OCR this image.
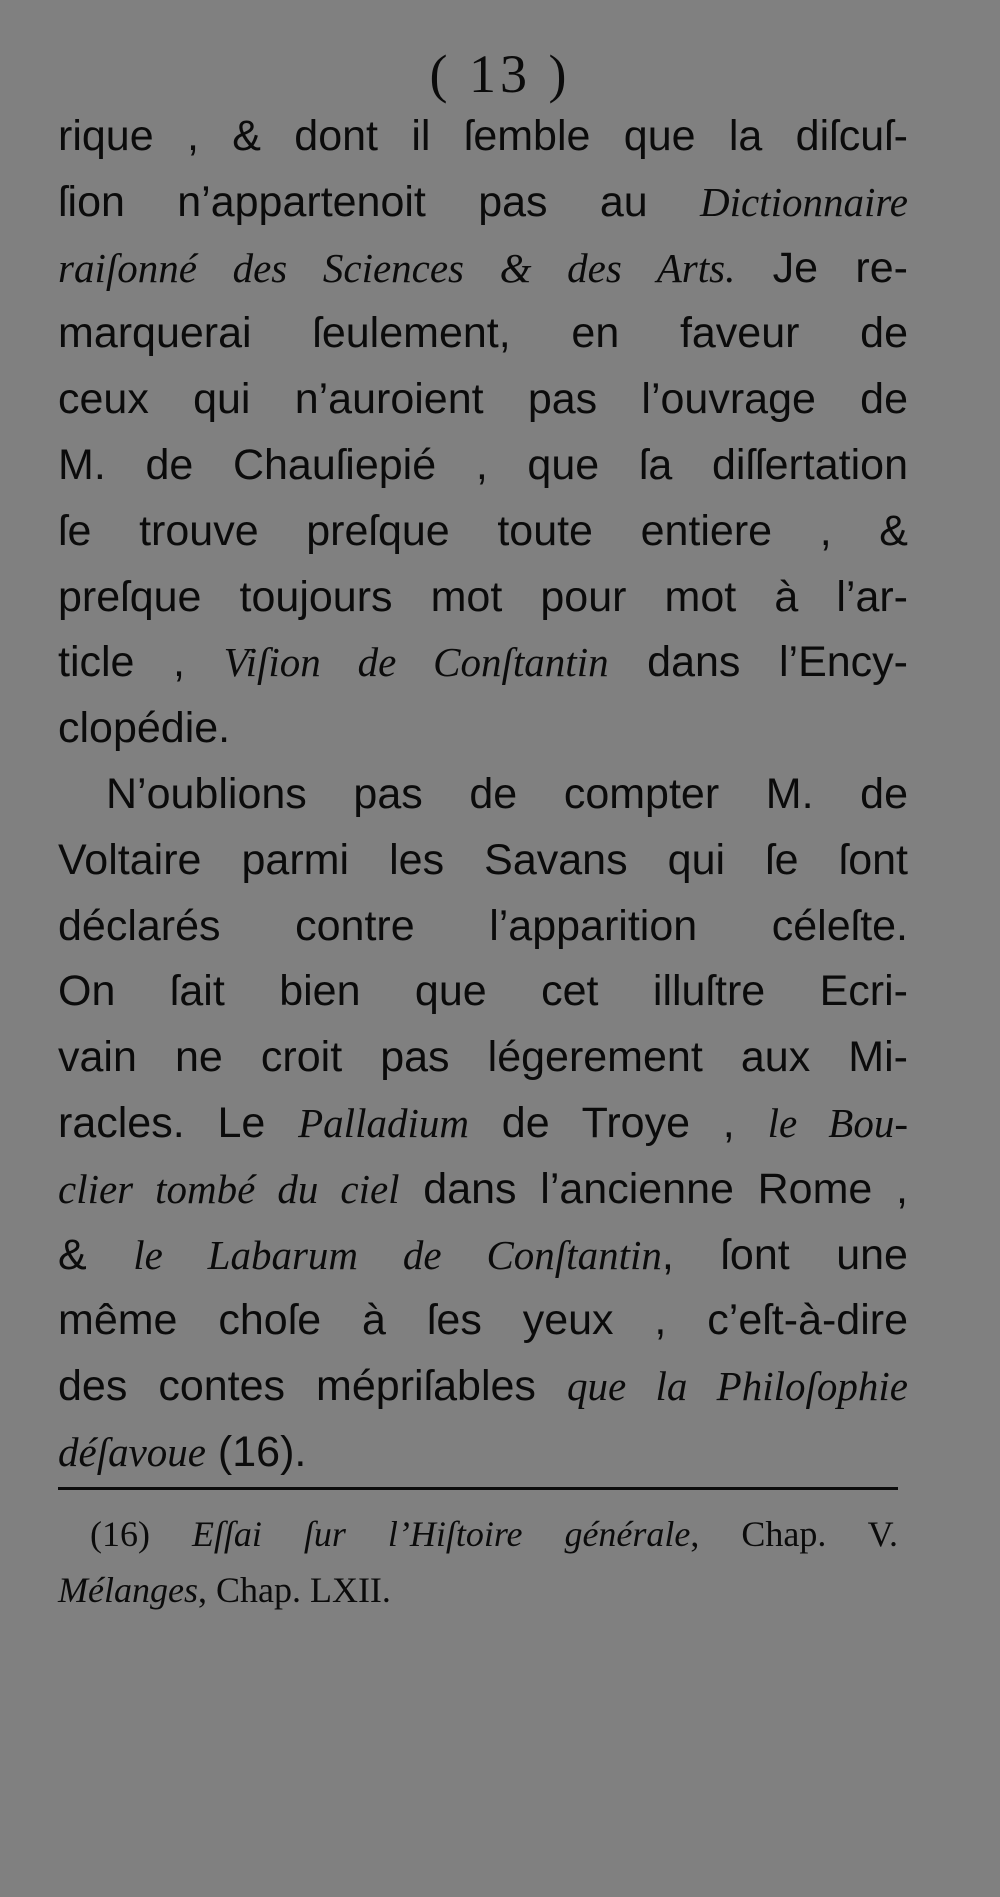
( 13 )
rique , & dont il ſemble que la diſcuſ-
ſion n’appartenoit pas au Dictionnaire
raiſonné des Sciences & des Arts. Je re-
marquerai ſeulement, en faveur de
ceux qui n’auroient pas l’ouvrage de
M. de Chauſiepié , que ſa diſſertation
ſe trouve preſque toute entiere , &
preſque toujours mot pour mot à l’ar-
ticle , Viſion de Conſtantin dans l’Ency-
clopédie.
N’oublions pas de compter M. de
Voltaire parmi les Savans qui ſe ſont
déclarés contre l’apparition céleſte.
On ſait bien que cet illuſtre Ecri-
vain ne croit pas légerement aux Mi-
racles. Le Palladium de Troye , le Bou-
clier tombé du ciel dans l’ancienne Rome ,
& le Labarum de Conſtantin, ſont une
même choſe à ſes yeux , c’eſt-à-dire
des contes mépriſables que la Philoſophie
déſavoue (16).
(16) Eſſai ſur l’Hiſtoire générale, Chap. V.
Mélanges, Chap. LXII.
